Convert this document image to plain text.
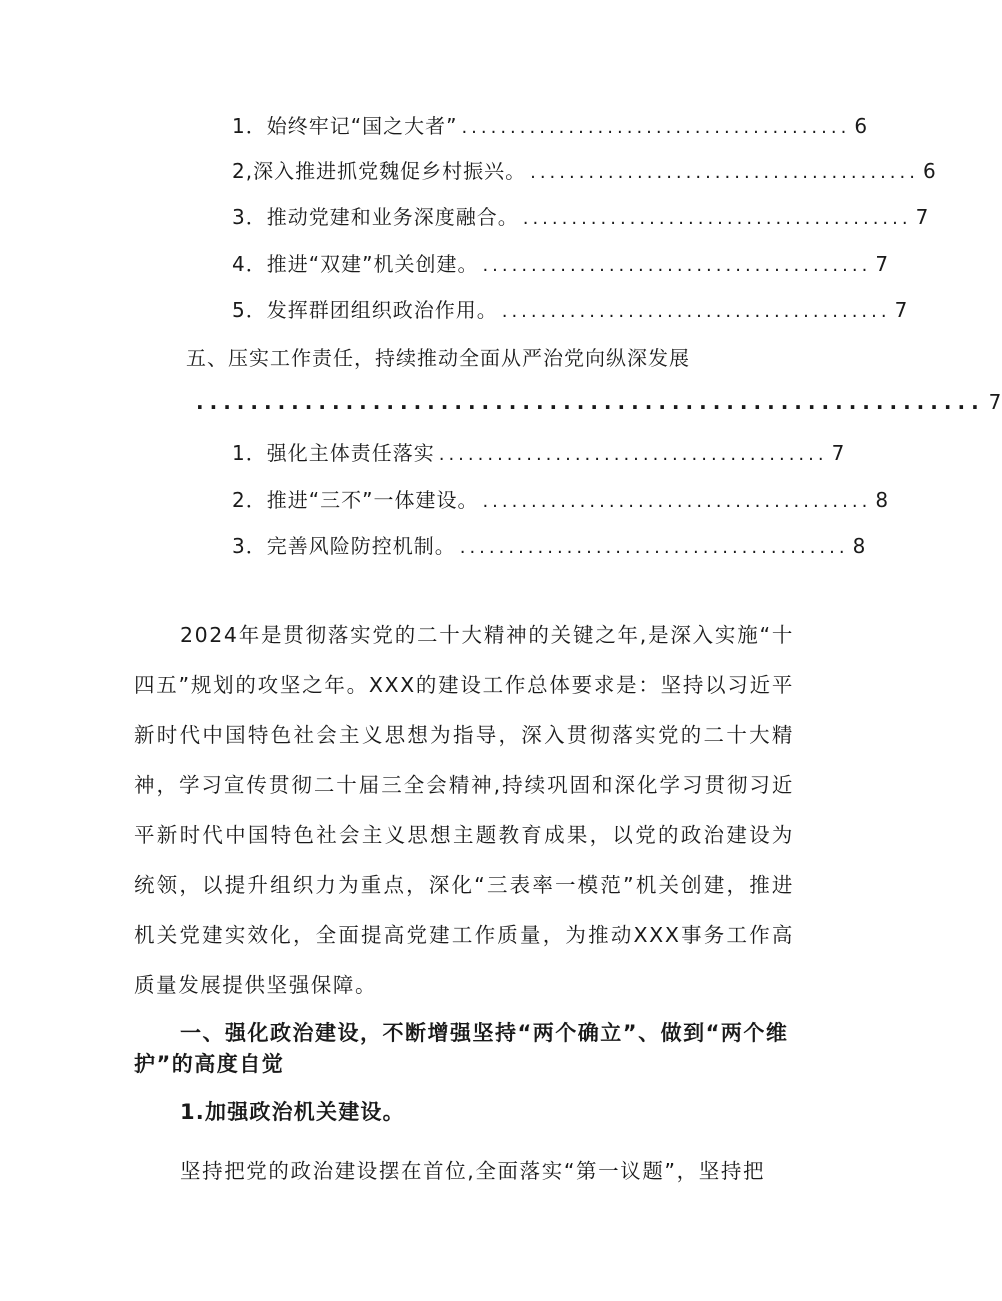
1．始终牢记“国之大者” ........................................ 6
2,深入推进抓党魏促乡村振兴。 ........................................ 6
3．推动党建和业务深度融合。 ........................................ 7
4．推进“双建”机关创建。 ........................................ 7
5．发挥群团组织政治作用。 ........................................ 7
五、压实工作责任，持续推动全面从严治党向纵深发展
.......................................................... 7
1．强化主体责任落实 ........................................ 7
2．推进“三不”一体建设。 ........................................ 8
3．完善风险防控机制。 ........................................ 8

2024年是贯彻落实党的二十大精神的关键之年,是深入实施“十四五”规划的攻坚之年。XXX的建设工作总体要求是：坚持以习近平新时代中国特色社会主义思想为指导，深入贯彻落实党的二十大精神，学习宣传贯彻二十届三全会精神,持续巩固和深化学习贯彻习近平新时代中国特色社会主义思想主题教育成果，以党的政治建设为统领，以提升组织力为重点，深化“三表率一模范”机关创建，推进机关党建实效化，全面提高党建工作质量，为推动XXX事务工作高质量发展提供坚强保障。

一、强化政治建设，不断增强坚持“两个确立”、做到“两个维护”的高度自觉

1.加强政治机关建设。

坚持把党的政治建设摆在首位,全面落实“第一议题”，坚持把
